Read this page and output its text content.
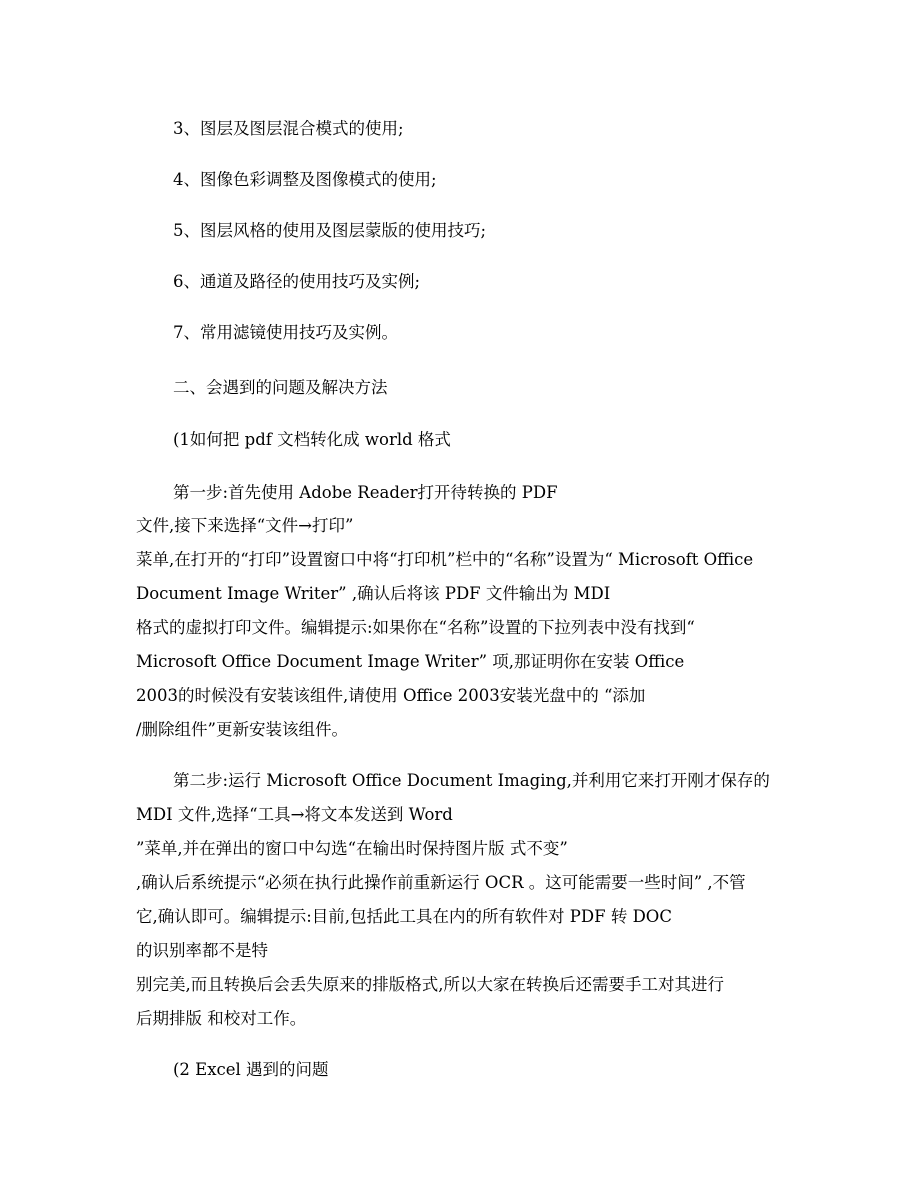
3、图层及图层混合模式的使用;
4、图像色彩调整及图像模式的使用;
5、图层风格的使用及图层蒙版的使用技巧;
6、通道及路径的使用技巧及实例;
7、常用滤镜使用技巧及实例。
二、会遇到的问题及解决方法
(1如何把 pdf 文档转化成 world 格式
第一步:首先使用 Adobe Reader打开待转换的 PDF
文件,接下来选择“文件→打印”
菜单,在打开的“打印”设置窗口中将“打印机”栏中的“名称”设置为“ Microsoft Office
Document Image Writer” ,确认后将该 PDF 文件输出为 MDI
格式的虚拟打印文件。编辑提示:如果你在“名称”设置的下拉列表中没有找到“
Microsoft Office Document Image Writer” 项,那证明你在安装 Office
2003的时候没有安装该组件,请使用 Office 2003安装光盘中的 “添加
/删除组件”更新安装该组件。
第二步:运行 Microsoft Office Document Imaging,并利用它来打开刚才保存的
MDI 文件,选择“工具→将文本发送到 Word
”菜单,并在弹出的窗口中勾选“在输出时保持图片版 式不变”
,确认后系统提示“必须在执行此操作前重新运行 OCR 。这可能需要一些时间” ,不管
它,确认即可。编辑提示:目前,包括此工具在内的所有软件对 PDF 转 DOC
的识别率都不是特
别完美,而且转换后会丢失原来的排版格式,所以大家在转换后还需要手工对其进行
后期排版 和校对工作。
(2 Excel 遇到的问题
